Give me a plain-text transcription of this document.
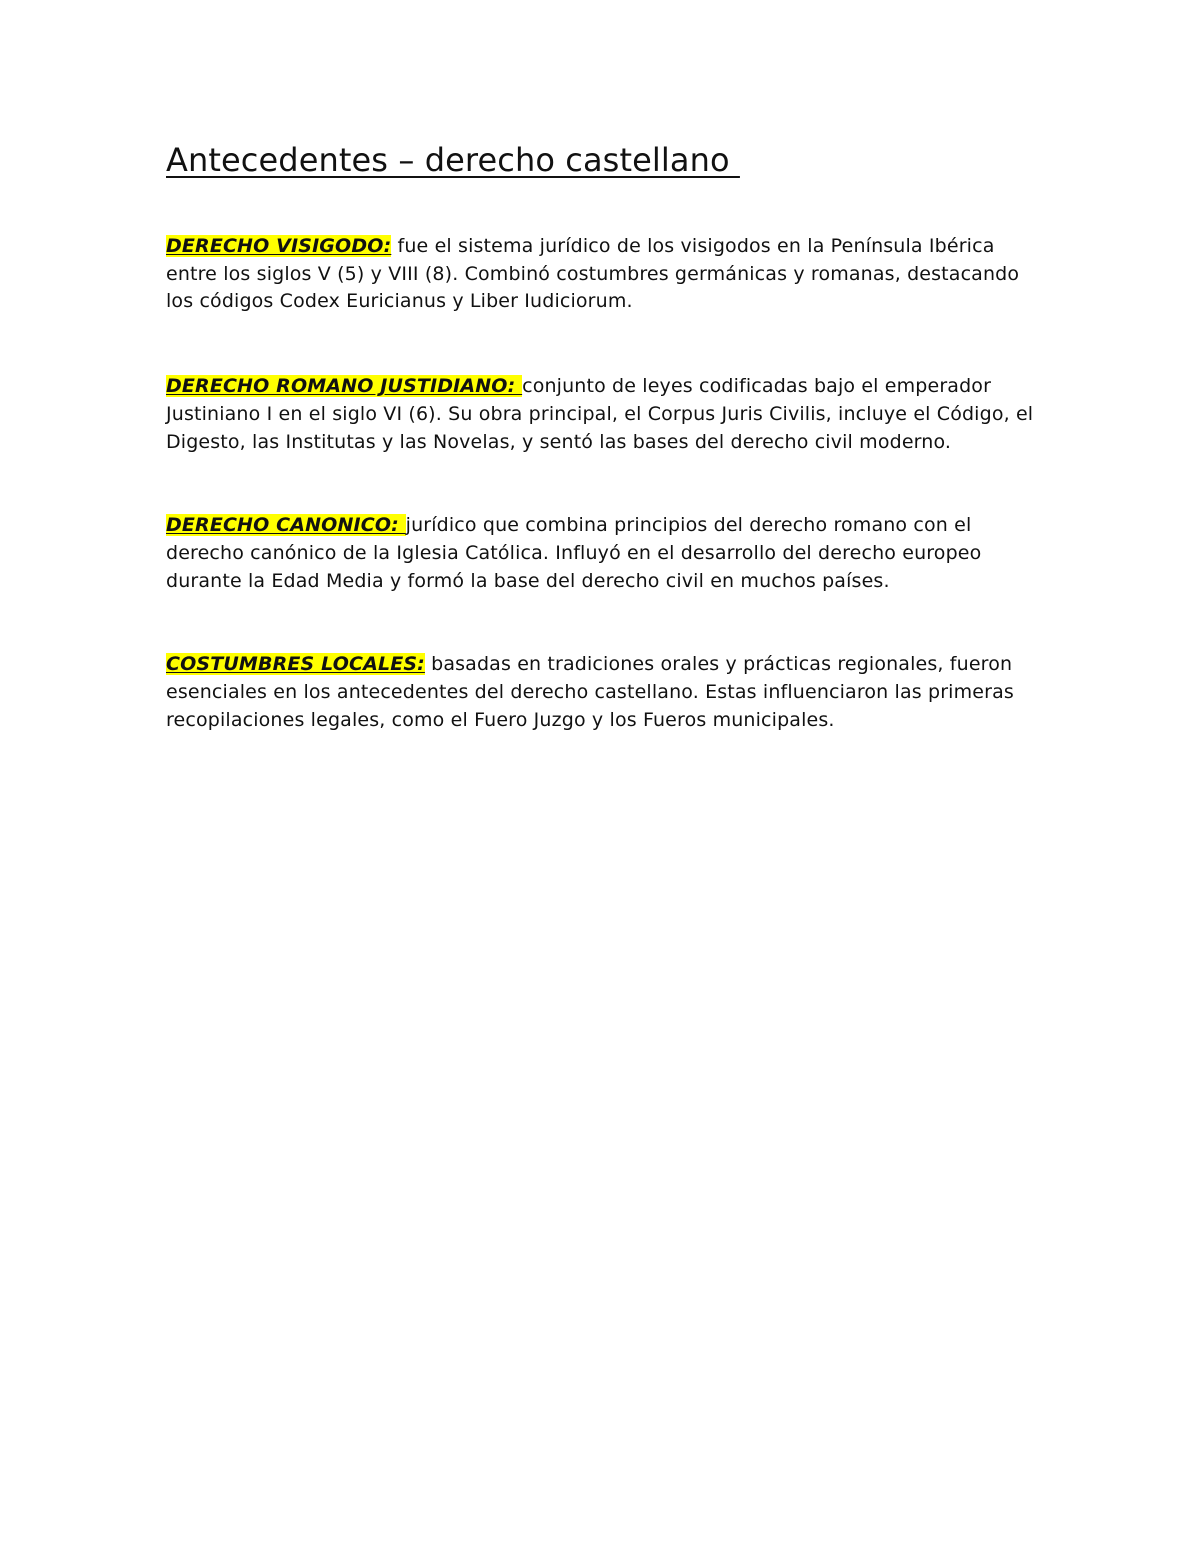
Antecedentes – derecho castellano

DERECHO VISIGODO: fue el sistema jurídico de los visigodos en la Península Ibérica entre los siglos V (5) y VIII (8). Combinó costumbres germánicas y romanas, destacando los códigos Codex Euricianus y Liber Iudiciorum.

DERECHO ROMANO JUSTIDIANO: conjunto de leyes codificadas bajo el emperador Justiniano I en el siglo VI (6). Su obra principal, el Corpus Juris Civilis, incluye el Código, el Digesto, las Institutas y las Novelas, y sentó las bases del derecho civil moderno.

DERECHO CANONICO: jurídico que combina principios del derecho romano con el derecho canónico de la Iglesia Católica. Influyó en el desarrollo del derecho europeo durante la Edad Media y formó la base del derecho civil en muchos países.

COSTUMBRES LOCALES: basadas en tradiciones orales y prácticas regionales, fueron esenciales en los antecedentes del derecho castellano. Estas influenciaron las primeras recopilaciones legales, como el Fuero Juzgo y los Fueros municipales.
